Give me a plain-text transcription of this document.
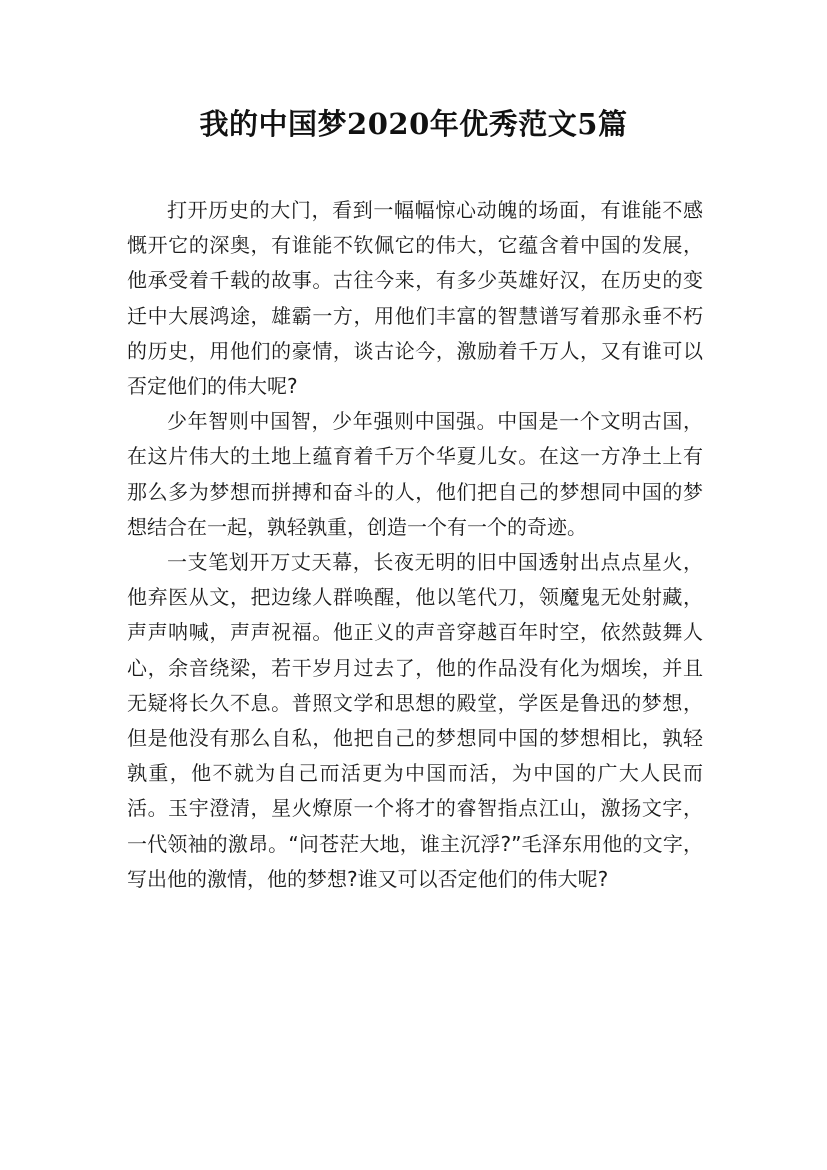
我的中国梦2020年优秀范文5篇

打开历史的大门，看到一幅幅惊心动魄的场面，有谁能不感慨开它的深奥，有谁能不钦佩它的伟大，它蕴含着中国的发展，他承受着千载的故事。古往今来，有多少英雄好汉，在历史的变迁中大展鸿途，雄霸一方，用他们丰富的智慧谱写着那永垂不朽的历史，用他们的豪情，谈古论今，激励着千万人，又有谁可以否定他们的伟大呢?

少年智则中国智，少年强则中国强。中国是一个文明古国，在这片伟大的土地上蕴育着千万个华夏儿女。在这一方净土上有那么多为梦想而拼搏和奋斗的人，他们把自己的梦想同中国的梦想结合在一起，孰轻孰重，创造一个有一个的奇迹。

一支笔划开万丈天幕，长夜无明的旧中国透射出点点星火，他弃医从文，把边缘人群唤醒，他以笔代刀，领魔鬼无处射藏，声声呐喊，声声祝福。他正义的声音穿越百年时空，依然鼓舞人心，余音绕梁，若干岁月过去了，他的作品没有化为烟埃，并且无疑将长久不息。普照文学和思想的殿堂，学医是鲁迅的梦想，但是他没有那么自私，他把自己的梦想同中国的梦想相比，孰轻孰重，他不就为自己而活更为中国而活，为中国的广大人民而活。玉宇澄清，星火燎原一个将才的睿智指点江山，激扬文字，一代领袖的激昂。“问苍茫大地，谁主沉浮?”毛泽东用他的文字，写出他的激情，他的梦想?谁又可以否定他们的伟大呢?
